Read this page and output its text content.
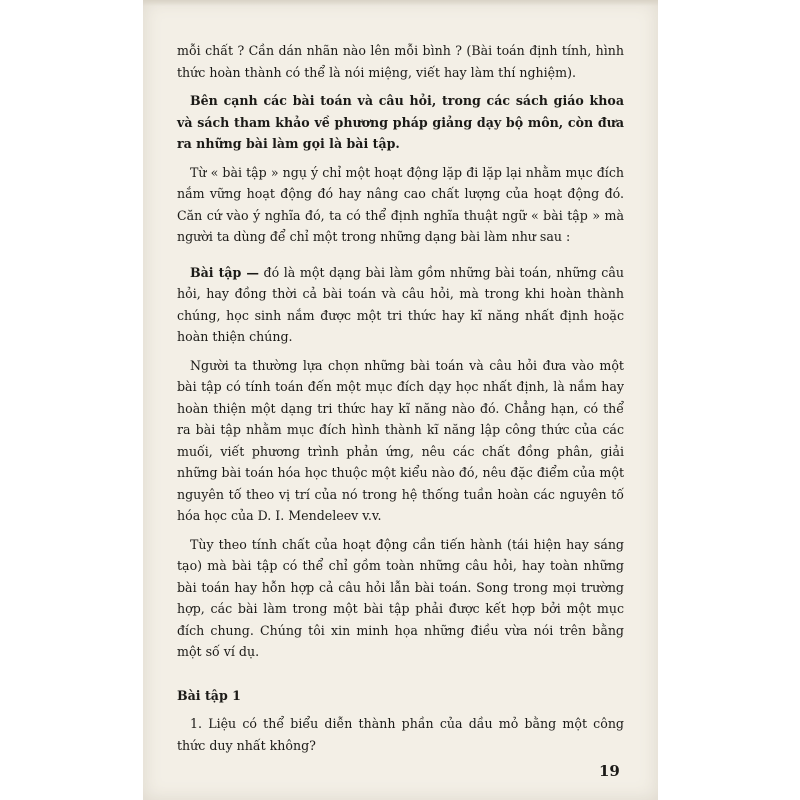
mỗi chất ? Cần dán nhãn nào lên mỗi bình ? (Bài toán định tính, hình thức hoàn thành có thể là nói miệng, viết hay làm thí nghiệm).

Bên cạnh các bài toán và câu hỏi, trong các sách giáo khoa và sách tham khảo về phương pháp giảng dạy bộ môn, còn đưa ra những bài làm gọi là bài tập.

Từ « bài tập » ngụ ý chỉ một hoạt động lặp đi lặp lại nhằm mục đích nắm vững hoạt động đó hay nâng cao chất lượng của hoạt động đó. Căn cứ vào ý nghĩa đó, ta có thể định nghĩa thuật ngữ « bài tập » mà người ta dùng để chỉ một trong những dạng bài làm như sau :

Bài tập — đó là một dạng bài làm gồm những bài toán, những câu hỏi, hay đồng thời cả bài toán và câu hỏi, mà trong khi hoàn thành chúng, học sinh nắm được một tri thức hay kĩ năng nhất định hoặc hoàn thiện chúng.

Người ta thường lựa chọn những bài toán và câu hỏi đưa vào một bài tập có tính toán đến một mục đích dạy học nhất định, là nắm hay hoàn thiện một dạng tri thức hay kĩ năng nào đó. Chẳng hạn, có thể ra bài tập nhằm mục đích hình thành kĩ năng lập công thức của các muối, viết phương trình phản ứng, nêu các chất đồng phân, giải những bài toán hóa học thuộc một kiểu nào đó, nêu đặc điểm của một nguyên tố theo vị trí của nó trong hệ thống tuần hoàn các nguyên tố hóa học của D. I. Mendeleev v.v.

Tùy theo tính chất của hoạt động cần tiến hành (tái hiện hay sáng tạo) mà bài tập có thể chỉ gồm toàn những câu hỏi, hay toàn những bài toán hay hỗn hợp cả câu hỏi lẫn bài toán. Song trong mọi trường hợp, các bài làm trong một bài tập phải được kết hợp bởi một mục đích chung. Chúng tôi xin minh họa những điều vừa nói trên bằng một số ví dụ.

Bài tập 1

1. Liệu có thể biểu diễn thành phần của dầu mỏ bằng một công thức duy nhất không?

19
